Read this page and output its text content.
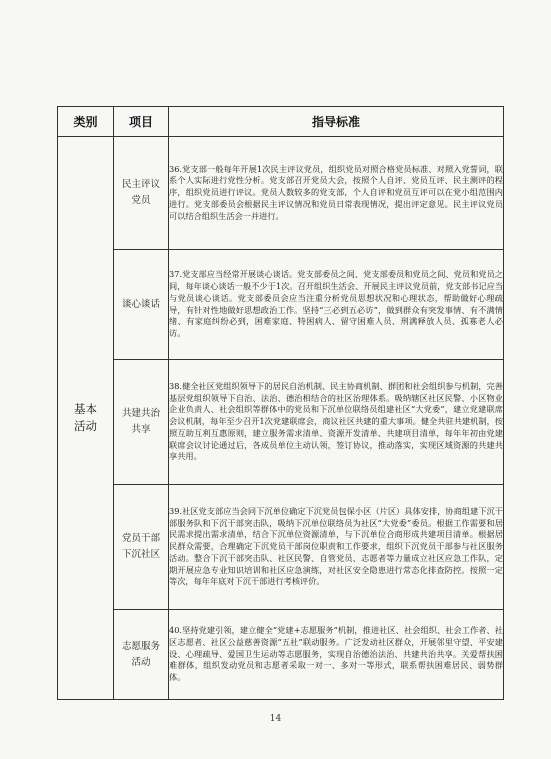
类别	项目	指导标准
基本活动	民主评议党员	36.党支部一般每年开展1次民主评议党员，组织党员对照合格党员标准、对照入党誓词，联系个人实际进行党性分析。党支部召开党员大会，按照个人自评、党员互评、民主测评的程序，组织党员进行评议。党员人数较多的党支部，个人自评和党员互评可以在党小组范围内进行。党支部委员会根据民主评议情况和党员日常表现情况，提出评定意见。民主评议党员可以结合组织生活会一并进行。
	谈心谈话	37.党支部应当经常开展谈心谈话。党支部委员之间、党支部委员和党员之间、党员和党员之间，每年谈心谈话一般不少于1次。召开组织生活会、开展民主评议党员前，党支部书记应当与党员谈心谈话。党支部委员会应当注重分析党员思想状况和心理状态，帮助做好心理疏导，有针对性地做好思想政治工作。坚持“三必到五必访”，做到群众有突发事情、有不满情绪、有家庭纠纷必到，困难家庭、特困病人、留守困难人员、刑满释放人员、孤寡老人必访。
	共建共治共享	38.健全社区党组织领导下的居民自治机制、民主协商机制、群团和社会组织参与机制，完善基层党组织领导下自治、法治、德治相结合的社区治理体系。吸纳辖区社区民警、小区物业企业负责人、社会组织等群体中的党员和下沉单位联络员组建社区“大党委”，建立党建联席会议机制，每年至少召开1次党建联席会，商议社区共建的重大事项。健全共驻共建机制，按照互助互利互惠原则，建立服务需求清单、资源开发清单、共建项目清单，每年年初由党建联席会议讨论通过后，各成员单位主动认领，签订协议，推动落实，实现区域资源的共建共享共用。
	党员干部下沉社区	39.社区党支部应当会同下沉单位确定下沉党员包保小区（片区）具体安排，协商组建下沉干部服务队和下沉干部突击队，吸纳下沉单位联络员为社区“大党委”委员。根据工作需要和居民需求提出需求清单，结合下沉单位资源清单，与下沉单位合商形成共建项目清单。根据居民群众需要，合理确定下沉党员干部岗位职责和工作要求，组织下沉党员干部参与社区服务活动。整合下沉干部突击队、社区民警、自管党员、志愿者等力量成立社区应急工作队，定期开展应急专业知识培训和社区应急演练，对社区安全隐患进行常态化排查防控。按照一定等次，每年年底对下沉干部进行考核评价。
	志愿服务活动	40.坚持党建引领，建立健全“党建+志愿服务”机制，推进社区、社会组织、社会工作者、社区志愿者、社区公益慈善资源“五社”联动服务。广泛发动社区群众，开展邻里守望、平安建设、心理疏导、爱国卫生运动等志愿服务，实现自治德治法治、共建共治共享。关爱帮扶困难群体，组织发动党员和志愿者采取一对一、多对一等形式，联系帮扶困难居民、弱势群体。
14
